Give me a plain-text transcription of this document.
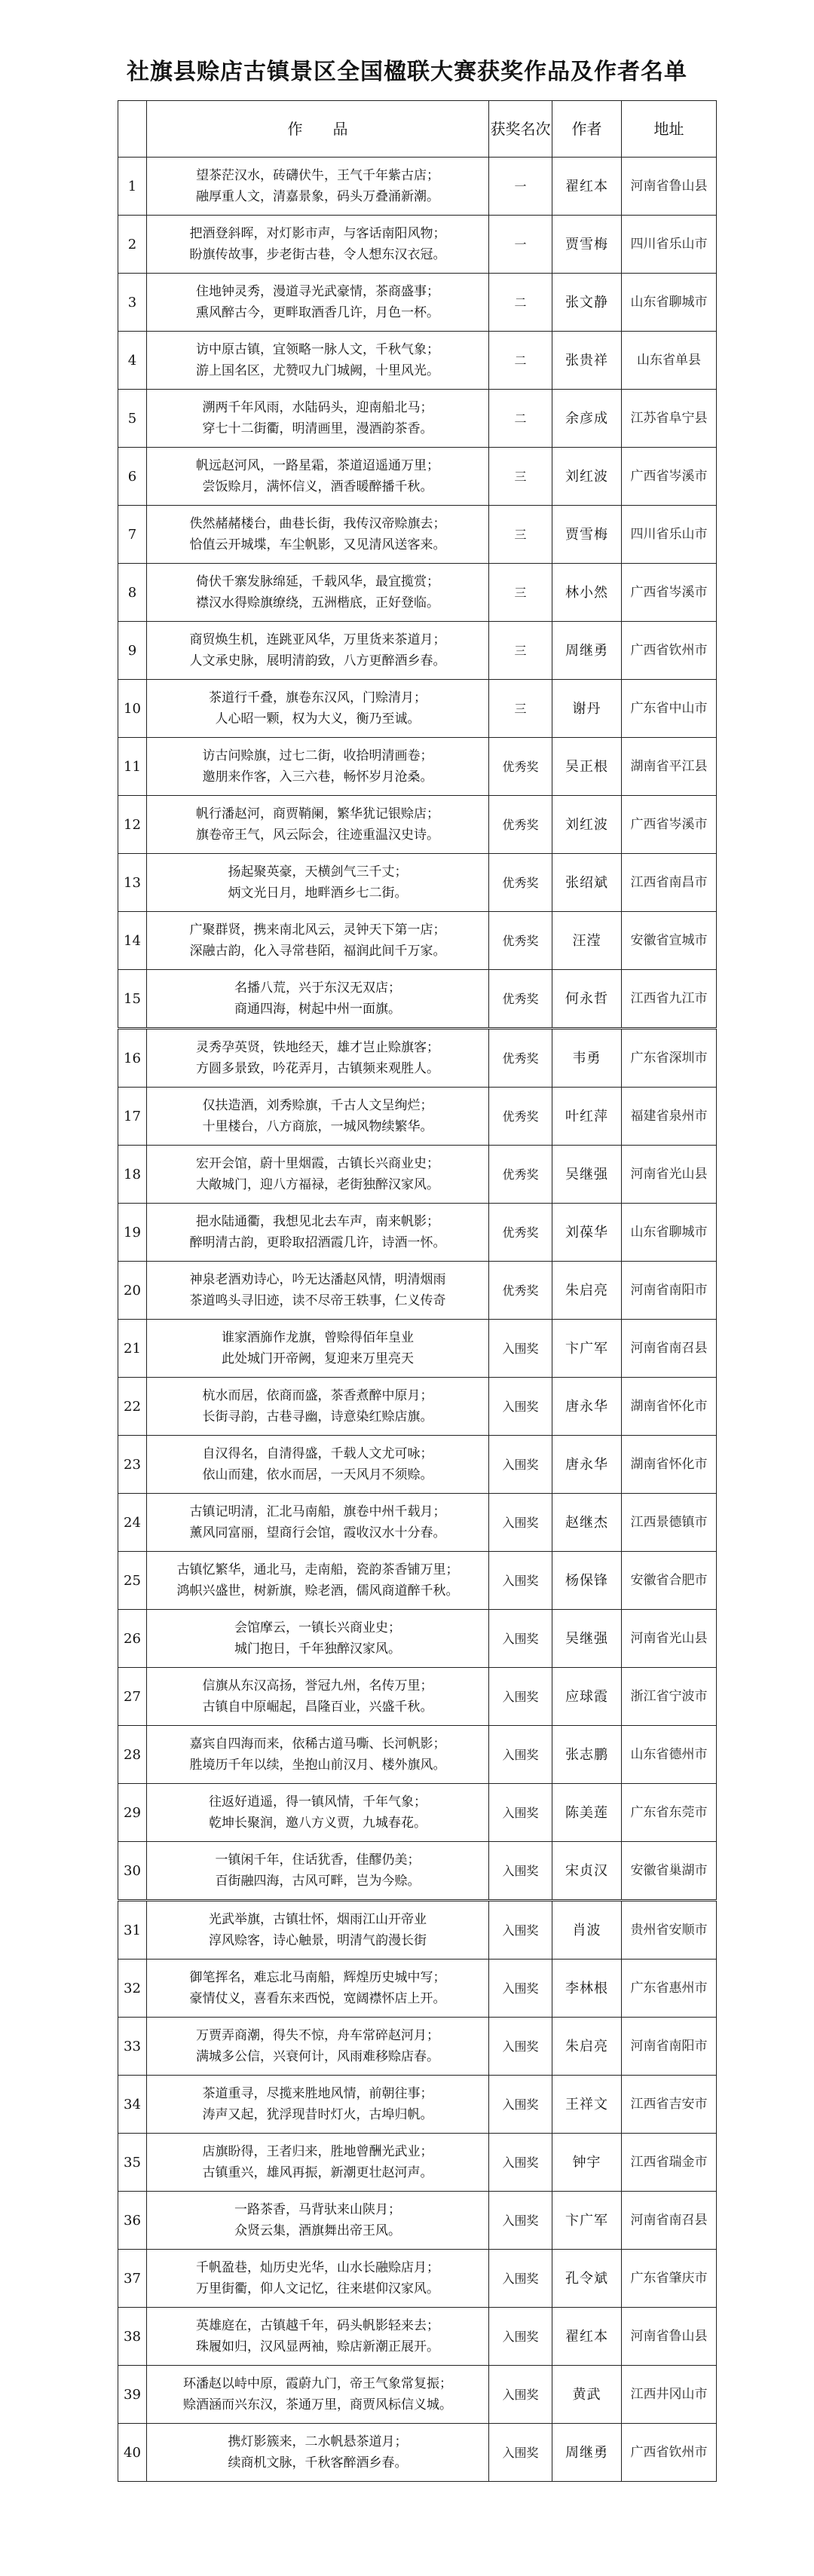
社旗县赊店古镇景区全国楹联大赛获奖作品及作者名单
	作　　品	获奖名次	作者	地址
1	望茶茫汉水，砖礴伏牛，王气千年紫古店；
融厚重人文，清嘉景象，码头万叠涌新潮。	一	翟红本	河南省鲁山县
2	把酒登斜晖，对灯影市声，与客话南阳风物；
盼旗传故事，步老街古巷，令人想东汉衣冠。	一	贾雪梅	四川省乐山市
3	住地钟灵秀，漫道寻光武豪情，茶商盛事；
熏风醉古今，更畔取酒香几许，月色一杯。	二	张文静	山东省聊城市
4	访中原古镇，宜领略一脉人文，千秋气象；
游上国名区，尤赞叹九门城阙，十里风光。	二	张贵祥	山东省单县
5	溯两千年风雨，水陆码头，迎南船北马；
穿七十二街衢，明清画里，漫酒韵茶香。	二	余彦成	江苏省阜宁县
6	帆远赵河风，一路星霜，茶道迢遥通万里；
尝饭赊月，满怀信义，酒香暖醉播千秋。	三	刘红波	广西省岑溪市
7	佚然赭赭楼台，曲巷长街，我传汉帝赊旗去；
恰值云开城堞，车尘帆影，又见清风送客来。	三	贾雪梅	四川省乐山市
8	倚伏千寨发脉绵延，千载风华，最宜揽赏；
襟汉水得赊旗缭绕，五洲楷底，正好登临。	三	林小然	广西省岑溪市
9	商贸焕生机，连跳亚风华，万里货来茶道月；
人文承史脉，展明清韵致，八方更醉酒乡春。	三	周继勇	广西省钦州市
10	茶道行千叠，旗卷东汉风，门赊清月；
人心昭一颗，权为大义，衡乃至诚。	三	谢丹	广东省中山市
11	访古问赊旗，过七二街，收拾明清画卷；
邀朋来作客，入三六巷，畅怀岁月沧桑。	优秀奖	吴正根	湖南省平江县
12	帆行潘赵河，商贾鞘阑，繁华犹记银赊店；
旗卷帝王气，风云际会，往迹重温汉史诗。	优秀奖	刘红波	广西省岑溪市
13	扬起聚英豪，天横剑气三千丈；
炳文光日月，地畔酒乡七二街。	优秀奖	张绍斌	江西省南昌市
14	广聚群贤，携来南北风云，灵钟天下第一店；
深融古韵，化入寻常巷陌，福润此间千万家。	优秀奖	汪滢	安徽省宣城市
15	名播八荒，兴于东汉无双店；
商通四海，树起中州一面旗。	优秀奖	何永哲	江西省九江市
16	灵秀孕英贤，铁地经天，雄才岂止赊旗客；
方圆多景致，吟花弄月，古镇频来观胜人。	优秀奖	韦勇	广东省深圳市
17	仅扶造酒，刘秀赊旗，千古人文呈绚烂；
十里楼台，八方商旅，一城风物续繁华。	优秀奖	叶红萍	福建省泉州市
18	宏开会馆，蔚十里烟霞，古镇长兴商业史；
大敞城门，迎八方福禄，老街独醉汉家风。	优秀奖	吴继强	河南省光山县
19	挹水陆通衢，我想见北去车声，南来帆影；
醉明清古韵，更聆取招酒霞几许，诗酒一怀。	优秀奖	刘葆华	山东省聊城市
20	神泉老酒劝诗心，吟无达潘赵风情，明清烟雨
茶道鸣头寻旧迹，读不尽帝王轶事，仁义传奇	优秀奖	朱启亮	河南省南阳市
21	谁家酒旆作龙旗，曾赊得佰年皇业
此处城门开帝阙，复迎来万里亮天	入围奖	卞广军	河南省南召县
22	杭水而居，依商而盛，茶香煮醉中原月；
长街寻韵，古巷寻幽，诗意染红赊店旗。	入围奖	唐永华	湖南省怀化市
23	自汉得名，自清得盛，千载人文尤可咏；
依山而建，依水而居，一天风月不须赊。	入围奖	唐永华	湖南省怀化市
24	古镇记明清，汇北马南船，旗卷中州千载月；
薰风同富丽，望商行会馆，霞收汉水十分春。	入围奖	赵继杰	江西景德镇市
25	古镇忆繁华，通北马，走南船，瓷韵茶香铺万里；
鸿帜兴盛世，树新旗，赊老酒，儒风商道醉千秋。	入围奖	杨保锋	安徽省合肥市
26	会馆摩云，一镇长兴商业史；
城门抱日，千年独醉汉家风。	入围奖	吴继强	河南省光山县
27	信旗从东汉高扬，誉冠九州，名传万里；
古镇自中原崛起，昌隆百业，兴盛千秋。	入围奖	应球霞	浙江省宁波市
28	嘉宾自四海而来，依稀古道马嘶、长河帆影；
胜境历千年以续，坐抱山前汉月、楼外旗风。	入围奖	张志鹏	山东省德州市
29	往返好逍遥，得一镇风情，千年气象；
乾坤长聚润，邀八方义贾，九城春花。	入围奖	陈美莲	广东省东莞市
30	一镇闲千年，住话犹香，佳醪仍美；
百街融四海，古风可畔，岂为今赊。	入围奖	宋贞汉	安徽省巢湖市
31	光武举旗，古镇壮怀，烟雨江山开帝业
淳风赊客，诗心触景，明清气韵漫长街	入围奖	肖波	贵州省安顺市
32	御笔挥名，难忘北马南船，辉煌历史城中写；
豪情仗义，喜看东来西悦，宽阔襟怀店上开。	入围奖	李林根	广东省惠州市
33	万贾弄商潮，得失不惊，舟车常碎赵河月；
满城多公信，兴衰何计，风雨难移赊店春。	入围奖	朱启亮	河南省南阳市
34	茶道重寻，尽揽来胜地风情，前朝往事；
涛声又起，犹浮现昔时灯火，古埠归帆。	入围奖	王祥文	江西省吉安市
35	店旗盼得，王者归来，胜地曾酬光武业；
古镇重兴，雄风再振，新潮更壮赵河声。	入围奖	钟宇	江西省瑞金市
36	一路茶香，马背驮来山陕月；
众贤云集，酒旗舞出帝王风。	入围奖	卞广军	河南省南召县
37	千帆盈巷，灿历史光华，山水长融赊店月；
万里街衢，仰人文记忆，往来堪仰汉家风。	入围奖	孔令斌	广东省肇庆市
38	英雄庭在，古镇越千年，码头帆影轻来去；
珠履如归，汉风显两袖，赊店新潮正展开。	入围奖	翟红本	河南省鲁山县
39	环潘赵以峙中原，霞蔚九门，帝王气象常复振；
赊酒涵而兴东汉，茶通万里，商贾风标信义城。	入围奖	黄武	江西井冈山市
40	携灯影簇来，二水帆悬茶道月；
续商机文脉，千秋客醉酒乡春。	入围奖	周继勇	广西省钦州市
